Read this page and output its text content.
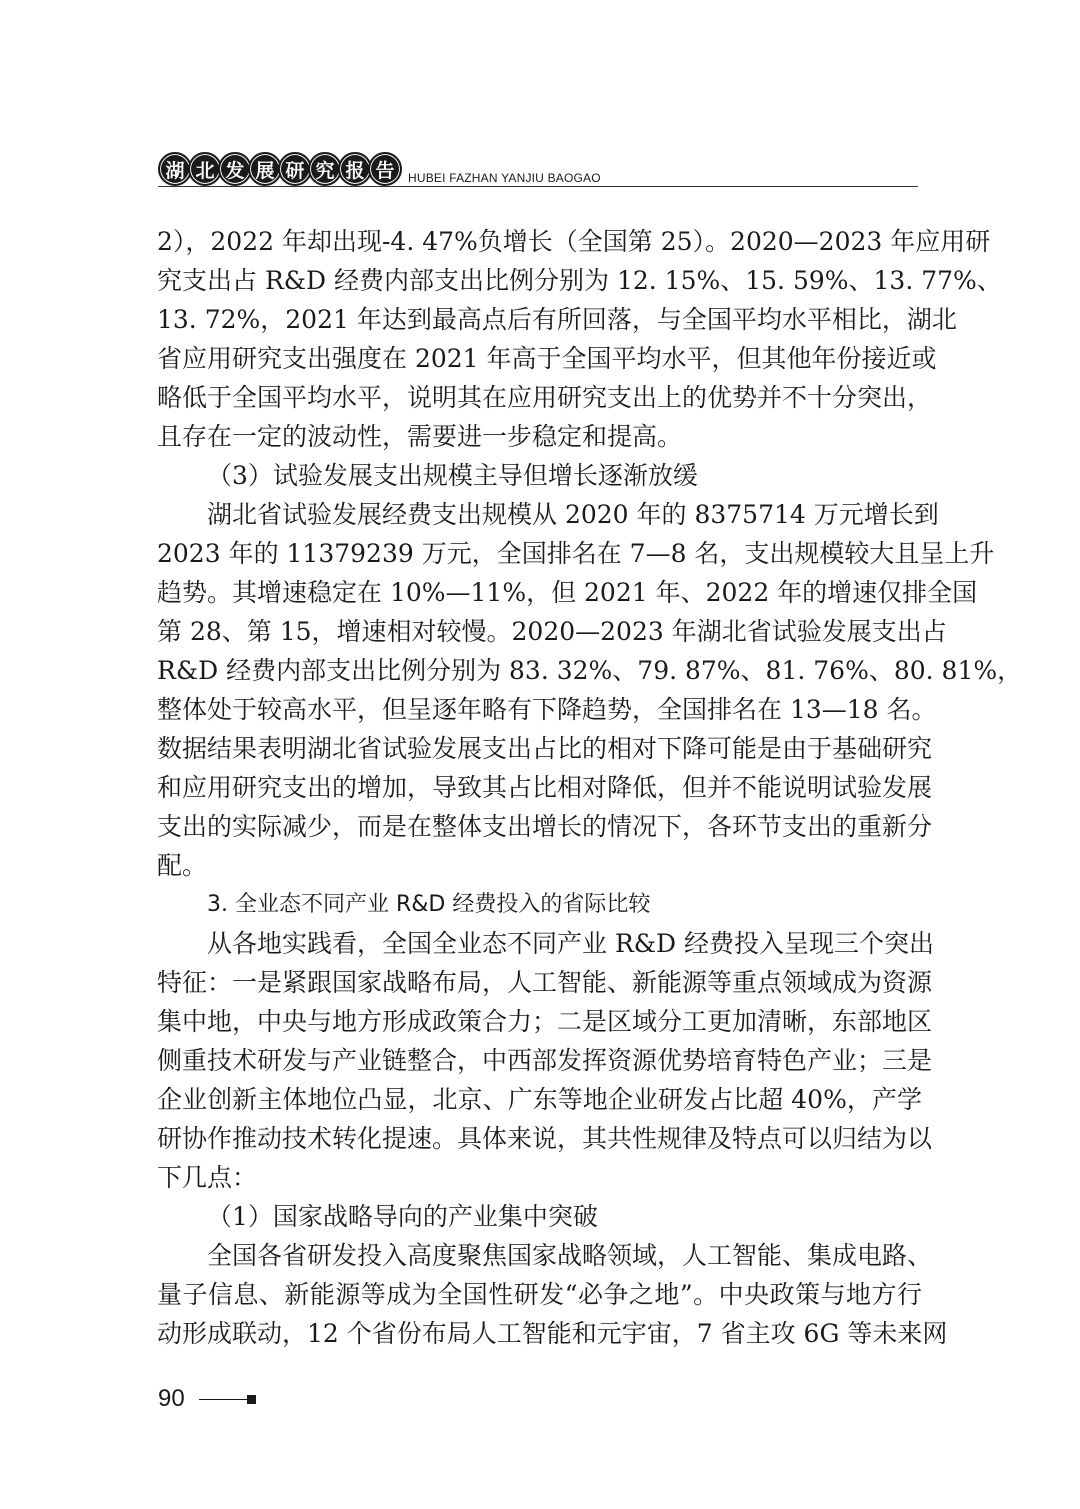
湖 北 发 展 研 究 报 告	HUBEI FAZHAN YANJIU BAOGAO
2），2022 年却出现-4. 47%负增长（全国第 25）。2020—2023 年应用研
究支出占 R&D 经费内部支出比例分别为 12. 15%、15. 59%、13. 77%、
13. 72%，2021 年达到最高点后有所回落，与全国平均水平相比，湖北
省应用研究支出强度在 2021 年高于全国平均水平，但其他年份接近或
略低于全国平均水平，说明其在应用研究支出上的优势并不十分突出，
且存在一定的波动性，需要进一步稳定和提高。
（3）试验发展支出规模主导但增长逐渐放缓
湖北省试验发展经费支出规模从 2020 年的 8375714 万元增长到
2023 年的 11379239 万元，全国排名在 7—8 名，支出规模较大且呈上升
趋势。其增速稳定在 10%—11%，但 2021 年、2022 年的增速仅排全国
第 28、第 15，增速相对较慢。2020—2023 年湖北省试验发展支出占
R&D 经费内部支出比例分别为 83. 32%、79. 87%、81. 76%、80. 81%，
整体处于较高水平，但呈逐年略有下降趋势，全国排名在 13—18 名。
数据结果表明湖北省试验发展支出占比的相对下降可能是由于基础研究
和应用研究支出的增加，导致其占比相对降低，但并不能说明试验发展
支出的实际减少，而是在整体支出增长的情况下，各环节支出的重新分
配。
3. 全业态不同产业 R&D 经费投入的省际比较
从各地实践看，全国全业态不同产业 R&D 经费投入呈现三个突出
特征：一是紧跟国家战略布局，人工智能、新能源等重点领域成为资源
集中地，中央与地方形成政策合力；二是区域分工更加清晰，东部地区
侧重技术研发与产业链整合，中西部发挥资源优势培育特色产业；三是
企业创新主体地位凸显，北京、广东等地企业研发占比超 40%，产学
研协作推动技术转化提速。具体来说，其共性规律及特点可以归结为以
下几点：
（1）国家战略导向的产业集中突破
全国各省研发投入高度聚焦国家战略领域，人工智能、集成电路、
量子信息、新能源等成为全国性研发“必争之地”。中央政策与地方行
动形成联动，12 个省份布局人工智能和元宇宙，7 省主攻 6G 等未来网
90
